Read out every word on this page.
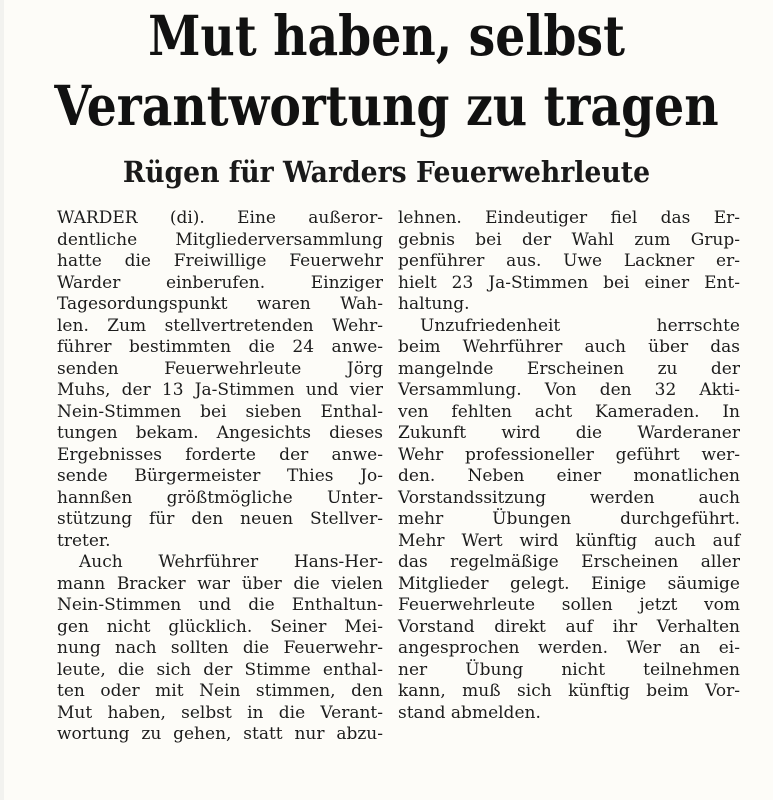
Mut haben, selbst
Verantwortung zu tragen
Rügen für Warders Feuerwehrleute
WARDER (di). Eine außeror-
dentliche Mitgliederversammlung
hatte die Freiwillige Feuerwehr
Warder einberufen. Einziger
Tagesordungspunkt waren Wah-
len. Zum stellvertretenden Wehr-
führer bestimmten die 24 anwe-
senden Feuerwehrleute Jörg
Muhs, der 13 Ja-Stimmen und vier
Nein-Stimmen bei sieben Enthal-
tungen bekam. Angesichts dieses
Ergebnisses forderte der anwe-
sende Bürgermeister Thies Jo-
hannßen größtmögliche Unter-
stützung für den neuen Stellver-
treter.
Auch Wehrführer Hans-Her-
mann Bracker war über die vielen
Nein-Stimmen und die Enthaltun-
gen nicht glücklich. Seiner Mei-
nung nach sollten die Feuerwehr-
leute, die sich der Stimme enthal-
ten oder mit Nein stimmen, den
Mut haben, selbst in die Verant-
wortung zu gehen, statt nur abzu-
lehnen. Eindeutiger fiel das Er-
gebnis bei der Wahl zum Grup-
penführer aus. Uwe Lackner er-
hielt 23 Ja-Stimmen bei einer Ent-
haltung.
Unzufriedenheit herrschte
beim Wehrführer auch über das
mangelnde Erscheinen zu der
Versammlung. Von den 32 Akti-
ven fehlten acht Kameraden. In
Zukunft wird die Warderaner
Wehr professioneller geführt wer-
den. Neben einer monatlichen
Vorstandssitzung werden auch
mehr Übungen durchgeführt.
Mehr Wert wird künftig auch auf
das regelmäßige Erscheinen aller
Mitglieder gelegt. Einige säumige
Feuerwehrleute sollen jetzt vom
Vorstand direkt auf ihr Verhalten
angesprochen werden. Wer an ei-
ner Übung nicht teilnehmen
kann, muß sich künftig beim Vor-
stand abmelden.
